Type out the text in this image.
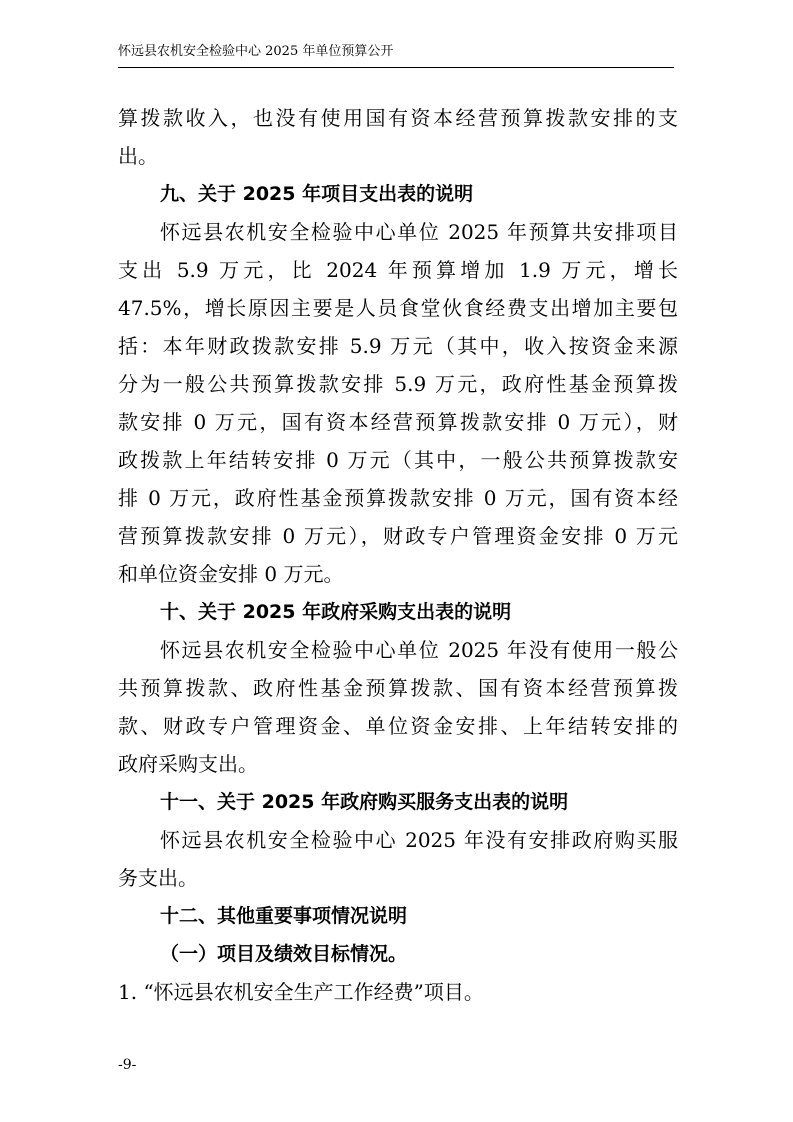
怀远县农机安全检验中心 2025 年单位预算公开
算拨款收入，也没有使用国有资本经营预算拨款安排的支
出。
九、关于 2025 年项目支出表的说明
怀远县农机安全检验中心单位 2025 年预算共安排项目
支出 5.9 万元，比 2024 年预算增加 1.9 万元，增长
47.5%，增长原因主要是人员食堂伙食经费支出增加主要包
括：本年财政拨款安排 5.9 万元（其中，收入按资金来源
分为一般公共预算拨款安排 5.9 万元，政府性基金预算拨
款安排 0 万元，国有资本经营预算拨款安排 0 万元），财
政拨款上年结转安排 0 万元（其中，一般公共预算拨款安
排 0 万元，政府性基金预算拨款安排 0 万元，国有资本经
营预算拨款安排 0 万元），财政专户管理资金安排 0 万元
和单位资金安排 0 万元。
十、关于 2025 年政府采购支出表的说明
怀远县农机安全检验中心单位 2025 年没有使用一般公
共预算拨款、政府性基金预算拨款、国有资本经营预算拨
款、财政专户管理资金、单位资金安排、上年结转安排的
政府采购支出。
十一、关于 2025 年政府购买服务支出表的说明
怀远县农机安全检验中心 2025 年没有安排政府购买服
务支出。
十二、其他重要事项情况说明
（一）项目及绩效目标情况。
1. “怀远县农机安全生产工作经费”项目。
-9-
